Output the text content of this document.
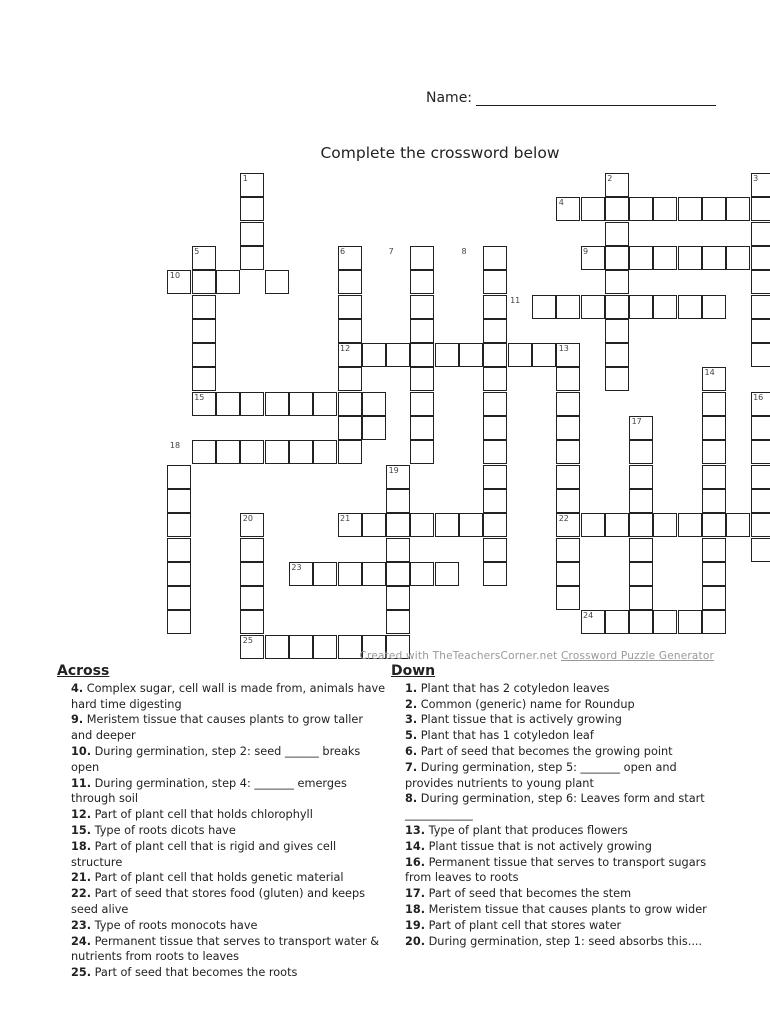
Name:
Complete the crossword below
1	2	3
4
5	6	7	8	9
10
11
12	13
14
15	16
17
18
19
20	21	22
23
24
25
Created with TheTeachersCorner.net Crossword Puzzle Generator
Across
4. Complex sugar, cell wall is made from, animals have hard time digesting
9. Meristem tissue that causes plants to grow taller and deeper
10. During germination, step 2: seed ______ breaks open
11. During germination, step 4: _______ emerges through soil
12. Part of plant cell that holds chlorophyll
15. Type of roots dicots have
18. Part of plant cell that is rigid and gives cell structure
21. Part of plant cell that holds genetic material
22. Part of seed that stores food (gluten) and keeps seed alive
23. Type of roots monocots have
24. Permanent tissue that serves to transport water & nutrients from roots to leaves
25. Part of seed that becomes the roots
Down
1. Plant that has 2 cotyledon leaves
2. Common (generic) name for Roundup
3. Plant tissue that is actively growing
5. Plant that has 1 cotyledon leaf
6. Part of seed that becomes the growing point
7. During germination, step 5: _______ open and provides nutrients to young plant
8. During germination, step 6: Leaves form and start ____________
13. Type of plant that produces flowers
14. Plant tissue that is not actively growing
16. Permanent tissue that serves to transport sugars from leaves to roots
17. Part of seed that becomes the stem
18. Meristem tissue that causes plants to grow wider
19. Part of plant cell that stores water
20. During germination, step 1: seed absorbs this....
